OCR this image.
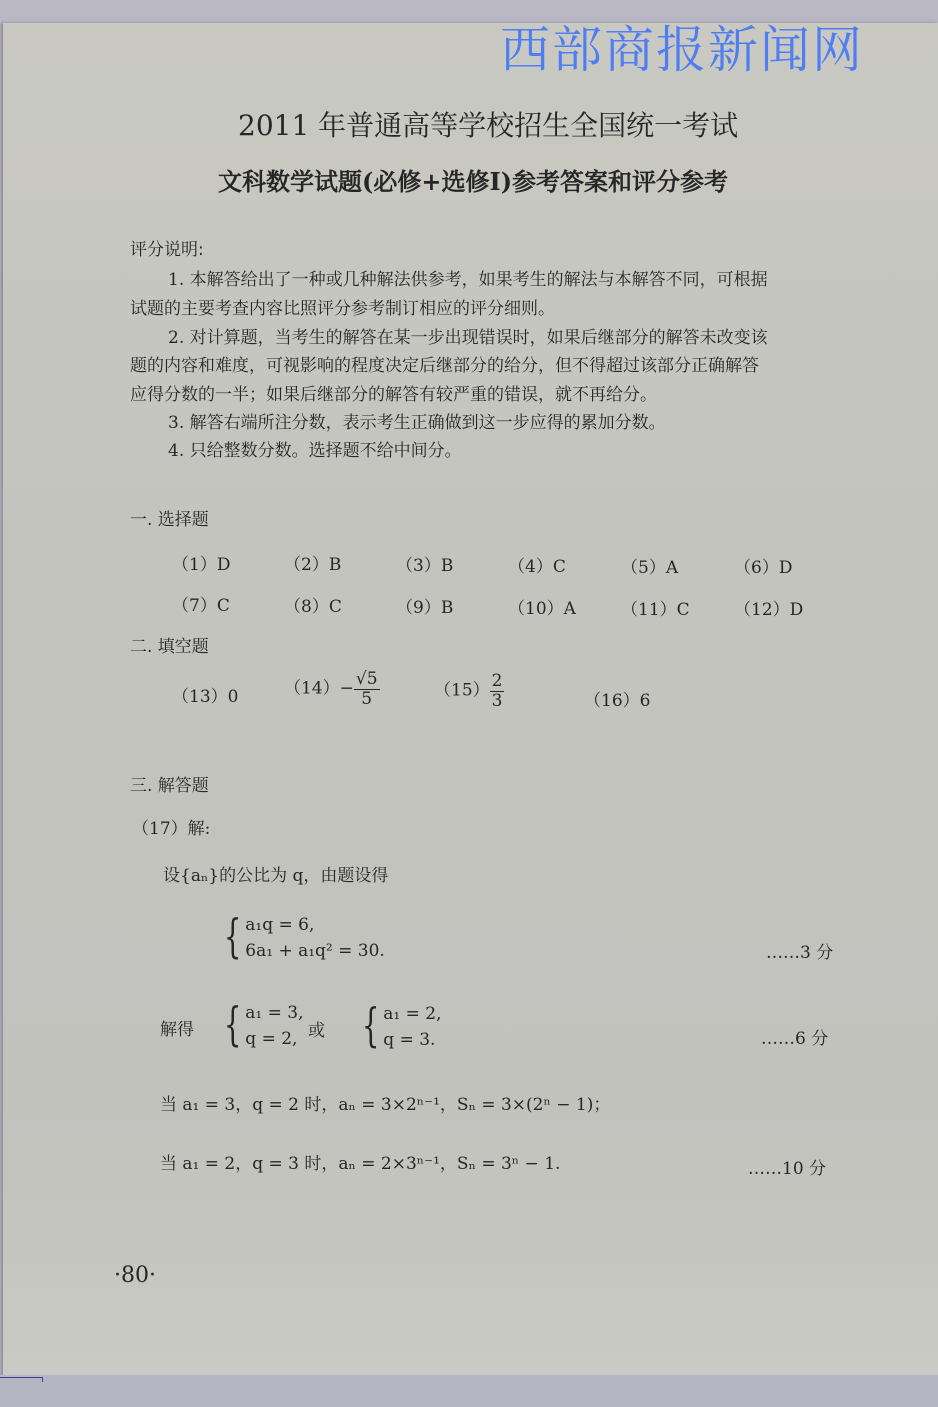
西部商报新闻网
2011 年普通高等学校招生全国统一考试
文科数学试题(必修+选修Ⅰ)参考答案和评分参考
评分说明:
1. 本解答给出了一种或几种解法供参考，如果考生的解法与本解答不同，可根据
试题的主要考查内容比照评分参考制订相应的评分细则。
2. 对计算题，当考生的解答在某一步出现错误时，如果后继部分的解答未改变该
题的内容和难度，可视影响的程度决定后继部分的给分，但不得超过该部分正确解答
应得分数的一半；如果后继部分的解答有较严重的错误，就不再给分。
3. 解答右端所注分数，表示考生正确做到这一步应得的累加分数。
4. 只给整数分数。选择题不给中间分。
一. 选择题
（1）D	（2）B	（3）B	（4）C	（5）A	（6）D
（7）C	（8）C	（9）B	（10）A	（11）C	（12）D
二. 填空题
（13）0	$(14)- \frac{√5}{5}$	$(15) \frac{2}{3}$	（16）6
三. 解答题
（17）解:
设{aₙ}的公比为 q，由题设得
{ a₁q = 6,
6a₁ + a₁q² = 30.	……3 分
解得 { a₁ = 3,
q = 2, 或 { a₁ = 2,
q = 3.	……6 分
当 a₁ = 3，q = 2 时，aₙ = 3×2ⁿ⁻¹，Sₙ = 3×(2ⁿ − 1)；
当 a₁ = 2，q = 3 时，aₙ = 2×3ⁿ⁻¹，Sₙ = 3ⁿ − 1.	……10 分
·80·
